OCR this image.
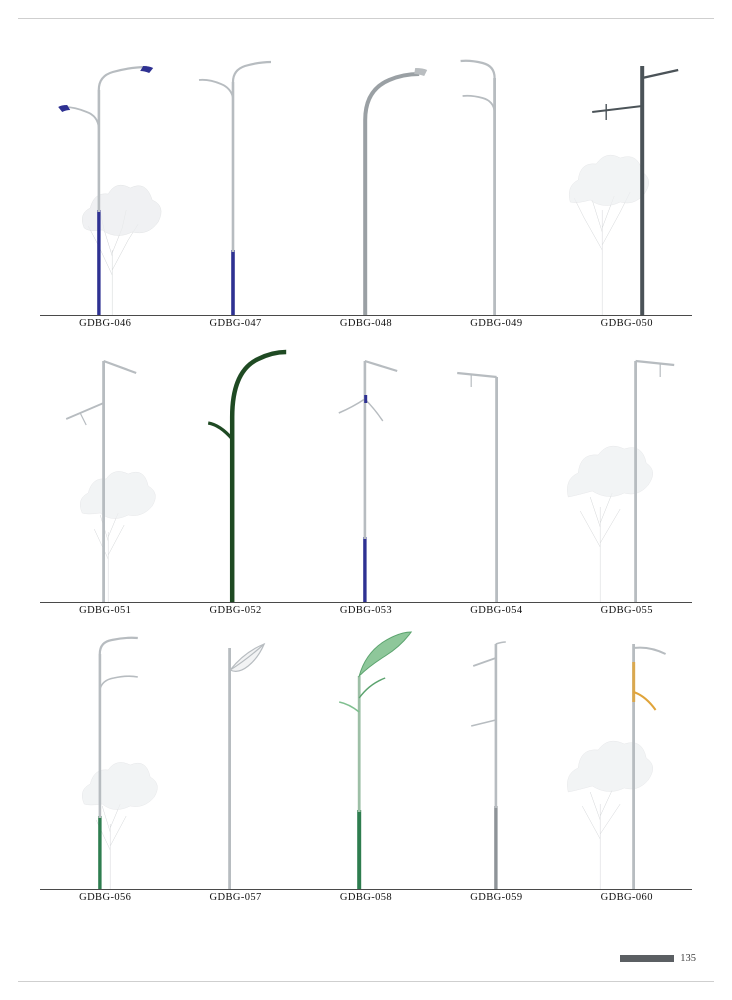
GDBG-046	GDBG-047	GDBG-048	GDBG-049	GDBG-050
GDBG-051	GDBG-052	GDBG-053	GDBG-054	GDBG-055
GDBG-056	GDBG-057	GDBG-058	GDBG-059	GDBG-060
135
